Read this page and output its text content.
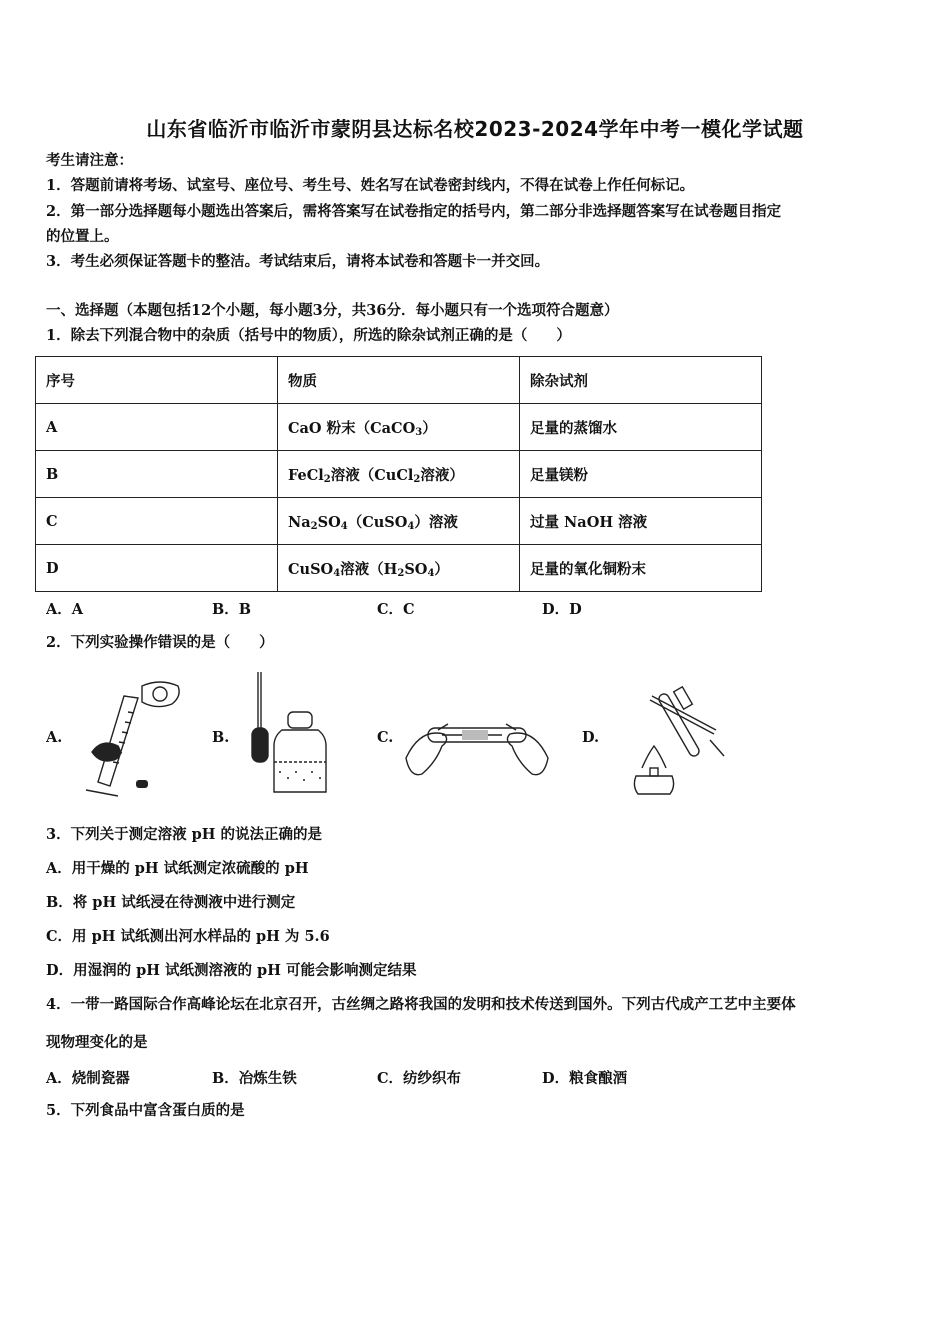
山东省临沂市临沂市蒙阴县达标名校2023-2024学年中考一模化学试题
考生请注意：
1．答题前请将考场、试室号、座位号、考生号、姓名写在试卷密封线内，不得在试卷上作任何标记。
2．第一部分选择题每小题选出答案后，需将答案写在试卷指定的括号内，第二部分非选择题答案写在试卷题目指定
的位置上。
3．考生必须保证答题卡的整洁。考试结束后，请将本试卷和答题卡一并交回。
一、选择题（本题包括12个小题，每小题3分，共36分．每小题只有一个选项符合题意）
1．除去下列混合物中的杂质（括号中的物质），所选的除杂试剂正确的是（　　）
序号	物质	除杂试剂
A	CaO 粉末（CaCO$_3$）	足量的蒸馏水
B	FeCl$_2$溶液（CuCl$_2$溶液）	足量镁粉
C	$Na_2SO_4(CuSO_4)$溶液	过量 NaOH 溶液
D	CuSO$_4$溶液$(H_2SO_4)$	足量的氧化铜粉末
A．A	B．B	C．C	D．D
2．下列实验操作错误的是（　　）
A.	B.	C.	D.
3．下列关于测定溶液 pH 的说法正确的是
A．用干燥的 pH 试纸测定浓硫酸的 pH
B．将 pH 试纸浸在待测液中进行测定
C．用 pH 试纸测出河水样品的 pH 为 5.6
D．用湿润的 pH 试纸测溶液的 pH 可能会影响测定结果
4．一带一路国际合作高峰论坛在北京召开，古丝绸之路将我国的发明和技术传送到国外。下列古代成产工艺中主要体
现物理变化的是
A．烧制瓷器	B．冶炼生铁	C．纺纱织布	D．粮食酿酒
5．下列食品中富含蛋白质的是
